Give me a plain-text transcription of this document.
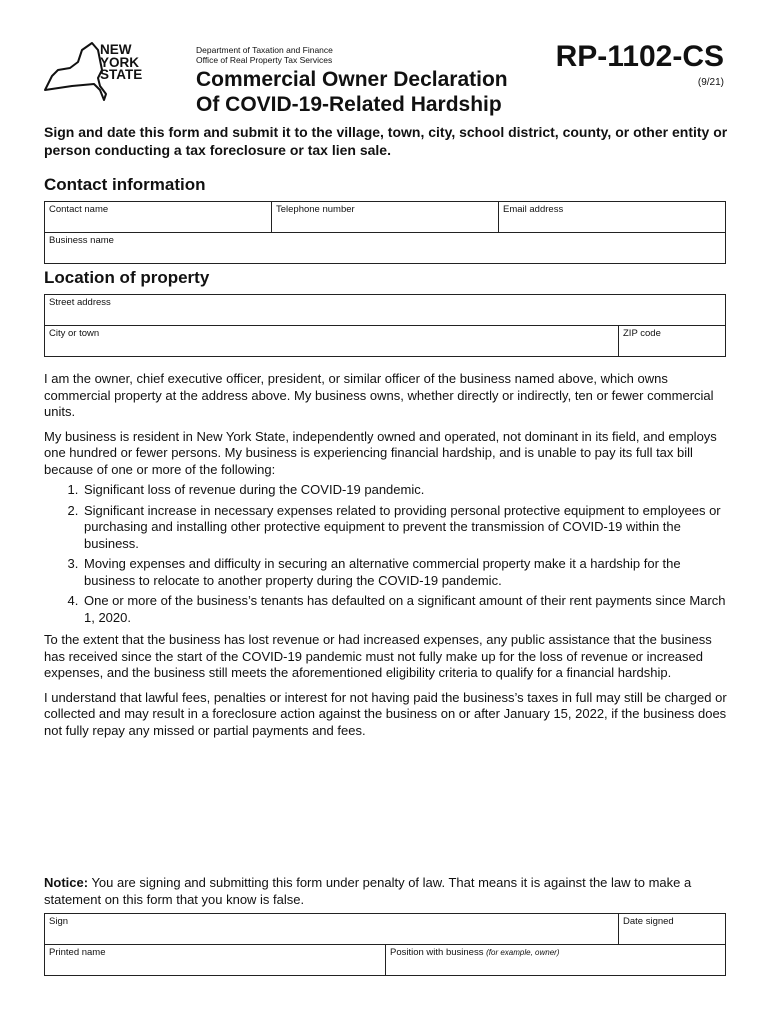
NEW
YORK
STATE
Department of Taxation and Finance
Office of Real Property Tax Services
Commercial Owner Declaration
Of COVID-19-Related Hardship
RP-1102-CS
(9/21)
Sign and date this form and submit it to the village, town, city, school district, county, or other entity or person conducting a tax foreclosure or tax lien sale.
Contact information
Contact name	Telephone number	Email address
Business name
Location of property
Street address
City or town	ZIP code

I am the owner, chief executive officer, president, or similar officer of the business named above, which owns commercial property at the address above. My business owns, whether directly or indirectly, ten or fewer commercial units.

My business is resident in New York State, independently owned and operated, not dominant in its field, and employs one hundred or fewer persons. My business is experiencing financial hardship, and is unable to pay its full tax bill because of one or more of the following:

1. Significant loss of revenue during the COVID-19 pandemic.
2. Significant increase in necessary expenses related to providing personal protective equipment to employees or purchasing and installing other protective equipment to prevent the transmission of COVID-19 within the business.
3. Moving expenses and difficulty in securing an alternative commercial property make it a hardship for the business to relocate to another property during the COVID-19 pandemic.
4. One or more of the business’s tenants has defaulted on a significant amount of their rent payments since March 1, 2020.

To the extent that the business has lost revenue or had increased expenses, any public assistance that the business has received since the start of the COVID-19 pandemic must not fully make up for the loss of revenue or increased expenses, and the business still meets the aforementioned eligibility criteria to qualify for a financial hardship.

I understand that lawful fees, penalties or interest for not having paid the business’s taxes in full may still be charged or collected and may result in a foreclosure action against the business on or after January 15, 2022, if the business does not fully repay any missed or partial payments and fees.

Notice: You are signing and submitting this form under penalty of law. That means it is against the law to make a statement on this form that you know is false.
Sign		Date signed
Printed name	Position with business (for example, owner)	
